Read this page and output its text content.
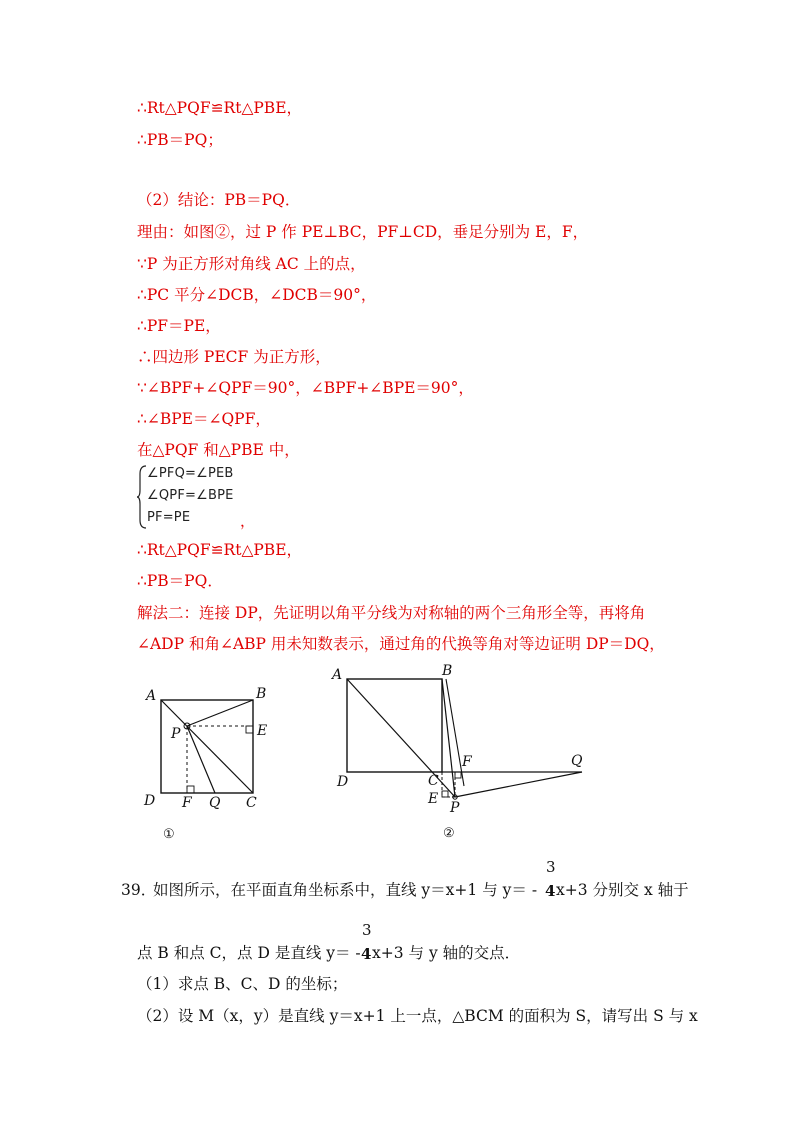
∴Rt△PQF≌Rt△PBE，
∴PB＝PQ；
（2）结论：PB＝PQ．
理由：如图②，过 P 作 PE⊥BC，PF⊥CD，垂足分别为 E，F，
∵P 为正方形对角线 AC 上的点，
∴PC 平分∠DCB，∠DCB＝90°，
∴PF＝PE，
∴四边形 PECF 为正方形，
∵∠BPF+∠QPF＝90°，∠BPF+∠BPE＝90°，
∴∠BPE＝∠QPF，
在△PQF 和△PBE 中，
∠PFQ=∠PEB
∠QPF=∠BPE
PF=PE	，
∴Rt△PQF≌Rt△PBE，
∴PB＝PQ．
解法二：连接 DP，先证明以角平分线为对称轴的两个三角形全等，再将角
∠ADP 和角∠ABP 用未知数表示，通过角的代换等角对等边证明 DP＝DQ，
A	B
E
P
D F Q C
①
A	B
D	C
F	Q
E
P
②
39．
如图所示，在平面直角坐标系中，直线 y＝x+1 与 y＝ -
3
4 x+3 分别交 x 轴于
点 B 和点 C，点 D 是直线 y＝ -
3
4 x+3 与 y 轴的交点．
（1）求点 B、C、D 的坐标；
（2）设 M（x，y）是直线 y＝x+1 上一点，△BCM 的面积为 S，请写出 S 与 x
